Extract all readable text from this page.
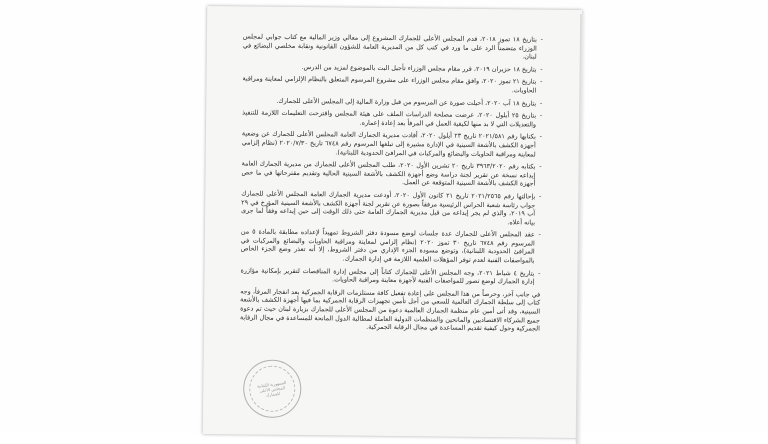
- بتاريخ ١٨ تموز ٢٠١٨، قدم المجلس الأعلى للجمارك المشروع إلى معالي وزير المالية مع كتاب جوابي لمجلس الوزراء متضمناً الرد على ما ورد في كتب كل من المديرية العامة للشؤون القانونية ونقابة مخلصي البضائع في لبنان.

- بتاريخ ١٨ حزيران ٢٠١٩، قرر مقام مجلس الوزراء تأجيل البت بالموضوع لمزيد من الدرس.

- بتاريخ ٢١ تموز ٢٠٢٠، وافق مقام مجلس الوزراء على مشروع المرسوم المتعلق بالنظام الإلزامي لمعاينة ومراقبة الحاويات.

- بتاريخ ١٨ آب ٢٠٢٠، أحيلت صورة عن المرسوم من قبل وزارة المالية إلى المجلس الأعلى للجمارك.

- بتاريخ ٢٥ أيلول ٢٠٢٠، عرضت مصلحة الدراسات الملف على هيئة المجلس واقترحت التعليمات اللازمة للتنفيذ والتعديلات التي لا بد منها لكيفية العمل في المرفأ بعد إعادة إعماره.

- بكتابها رقم ٢٠٢١/٥٨١ تاريخ ٢٣ أيلول ٢٠٢٠، أفادت مديرية الجمارك العامة المجلس الأعلى للجمارك عن وضعية أجهزة الكشف بالأشعة السينية في الإدارة مشيرة إلى تبلغها المرسوم رقم ٦٧٤٨ تاريخ ٢٠٢٠/٧/٣٠ (نظام إلزامي لمعاينة ومراقبة الحاويات والبضائع والمركبات في المرافئ الحدودية اللبنانية).

- بكتابه رقم ٣٩٦٣/٢٠٢٠ تاريخ ٢٠ تشرين الأول ٢٠٢٠، طلب المجلس الأعلى للجمارك من مديرية الجمارك العامة إيداعه نسخة عن تقرير لجنة دراسة وضع أجهزة الكشف بالأشعة السينية الحالية وتقديم مقترحاتها في ما خص أجهزة الكشف بالأشعة السينية المتوقعة عن العمل.

- بإحالتها رقم ٢٠٢١/٢٥٦٥ تاريخ ٢١ كانون الأول ٢٠٢٠، أودعت مديرية الجمارك العامة المجلس الأعلى للجمارك جواب رئاسة شعبة الحراس الرئيسية مرفقاً بصورة عن تقرير لجنة أجهزة الكشف بالأشعة السينية المؤرخ في ٢٩ آب ٢٠١٩، والذي لم يجر إيداعه من قبل مديرية الجمارك العامة حتى ذلك الوقت إلى حين إيداعه وفقاً لما جرى بيانه أعلاه.

- عقد المجلس الأعلى للجمارك عدة جلسات لوضع مسودة دفتر الشروط تمهيداً لإعداده مطابقة بالمادة ٥ من المرسوم رقم ٦٧٤٨ تاريخ ٣٠ تموز ٢٠٢٠ (نظام إلزامي لمعاينة ومراقبة الحاويات والبضائع والمركبات في المرافئ الحدودية اللبنانية)، وتوضع مسودة الجزء الإداري من دفتر الشروط، إلا أنه تعذر وضع الجزء الخاص بالمواصفات الفنية لعدم توفر المؤهلات العلمية اللازمة في إدارة الجمارك.

- بتاريخ ٤ شباط ٢٠٢١، وجه المجلس الأعلى للجمارك كتاباً إلى مجلس إدارة المناقصات لتقرير بإمكانية مؤازرة إدارة الجمارك لوضع تصور للمواصفات الفنية لأجهزة معاينة ومراقبة الحاويات.

في جانب آخر، وحرصاً من هذا المجلس على إعادة تفعيل كافة مستلزمات الرقابة الجمركية بعد انفجار المرفأ، وجه كتاب إلى سلطة الجمارك العالمية للسعي من أجل تأمين تجهيزات الرقابة الجمركية بما فيها أجهزة الكشف بالأشعة السينية، وقد أتى أمين عام منظمة الجمارك العالمية دعوة من المجلس الأعلى للجمارك بزيارة لبنان حيث تم دعوة جميع الشركاء الاقتصاديين والمانحين والمنظمات الدولية العاملة لمطالبة الدول المانحة للمساعدة في مجال الرقابة الجمركية وحول كيفية تقديم المساعدة في مجال الرقابة الجمركية.

الجمهورية اللبنانية المجلس الأعلى للجمارك
